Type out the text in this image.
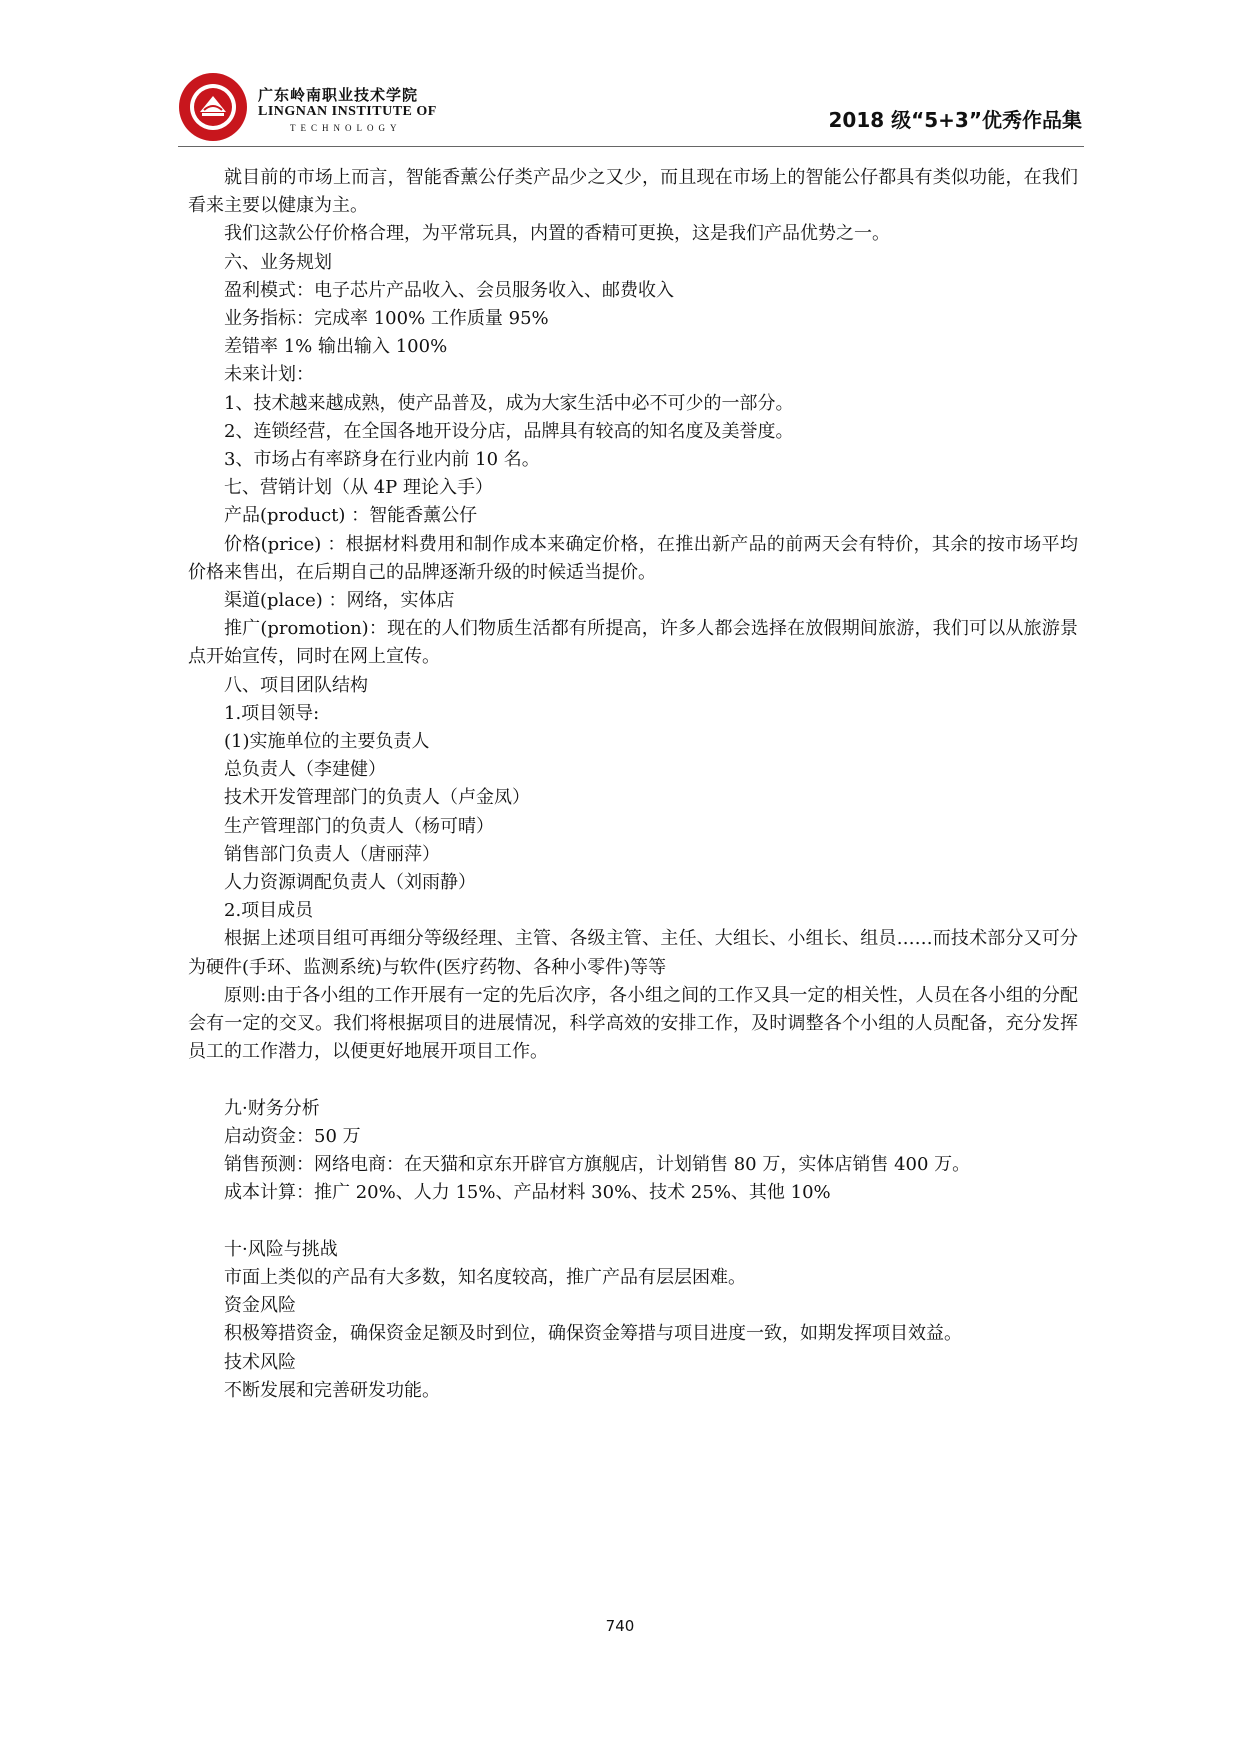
广东岭南职业技术学院
LINGNAN INSTITUTE OF
TECHNOLOGY	2018 级“5+3”优秀作品集

就目前的市场上而言，智能香薰公仔类产品少之又少，而且现在市场上的智能公仔都具有类似功能，在我们看来主要以健康为主。

我们这款公仔价格合理，为平常玩具，内置的香精可更换，这是我们产品优势之一。

六、业务规划

盈利模式：电子芯片产品收入、会员服务收入、邮费收入

业务指标：完成率 100% 工作质量 95%

差错率 1% 输出输入 100%

未来计划：

1、技术越来越成熟，使产品普及，成为大家生活中必不可少的一部分。

2、连锁经营，在全国各地开设分店，品牌具有较高的知名度及美誉度。

3、市场占有率跻身在行业内前 10 名。

七、营销计划（从 4P 理论入手）

产品(product) ：智能香薰公仔

价格(price) ：根据材料费用和制作成本来确定价格，在推出新产品的前两天会有特价，其余的按市场平均价格来售出，在后期自己的品牌逐渐升级的时候适当提价。

渠道(place) ：网络，实体店

推广(promotion)：现在的人们物质生活都有所提高，许多人都会选择在放假期间旅游，我们可以从旅游景点开始宣传，同时在网上宣传。

八、项目团队结构

1.项目领导:

(1)实施单位的主要负责人

总负责人（李建健）

技术开发管理部门的负责人（卢金凤）

生产管理部门的负责人（杨可晴）

销售部门负责人（唐丽萍）

人力资源调配负责人（刘雨静）

2.项目成员

根据上述项目组可再细分等级经理、主管、各级主管、主任、大组长、小组长、组员……而技术部分又可分为硬件(手环、监测系统)与软件(医疗药物、各种小零件)等等

原则:由于各小组的工作开展有一定的先后次序，各小组之间的工作又具一定的相关性，人员在各小组的分配会有一定的交叉。我们将根据项目的进展情况，科学高效的安排工作，及时调整各个小组的人员配备，充分发挥员工的工作潜力，以便更好地展开项目工作。

九·财务分析

启动资金：50 万

销售预测：网络电商：在天猫和京东开辟官方旗舰店，计划销售 80 万，实体店销售 400 万。

成本计算：推广 20%、人力 15%、产品材料 30%、技术 25%、其他 10%

十·风险与挑战

市面上类似的产品有大多数，知名度较高，推广产品有层层困难。

资金风险

积极筹措资金，确保资金足额及时到位，确保资金筹措与项目进度一致，如期发挥项目效益。

技术风险

不断发展和完善研发功能。

740
